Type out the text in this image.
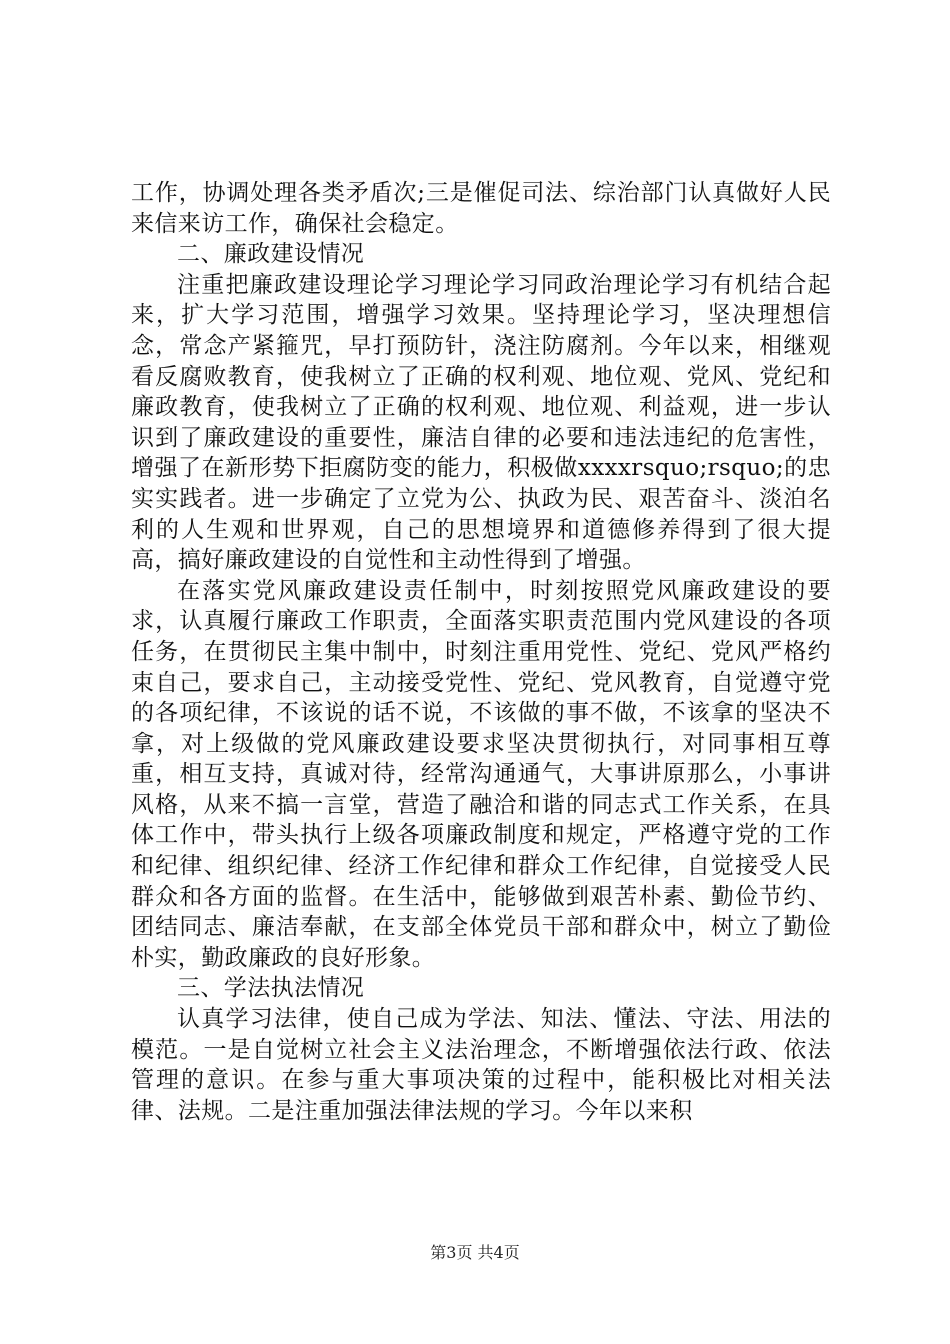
工作，协调处理各类矛盾次;三是催促司法、综治部门认真做好人民来信来访工作，确保社会稳定。

二、廉政建设情况

注重把廉政建设理论学习理论学习同政治理论学习有机结合起来，扩大学习范围，增强学习效果。坚持理论学习，坚决理想信念，常念产紧箍咒，早打预防针，浇注防腐剂。今年以来，相继观看反腐败教育，使我树立了正确的权利观、地位观、党风、党纪和廉政教育，使我树立了正确的权利观、地位观、利益观，进一步认识到了廉政建设的重要性，廉洁自律的必要和违法违纪的危害性，增强了在新形势下拒腐防变的能力，积极做xxxxrsquo;rsquo;的忠实实践者。进一步确定了立党为公、执政为民、艰苦奋斗、淡泊名利的人生观和世界观，自己的思想境界和道德修养得到了很大提高，搞好廉政建设的自觉性和主动性得到了增强。

在落实党风廉政建设责任制中，时刻按照党风廉政建设的要求，认真履行廉政工作职责，全面落实职责范围内党风建设的各项任务，在贯彻民主集中制中，时刻注重用党性、党纪、党风严格约束自己，要求自己，主动接受党性、党纪、党风教育，自觉遵守党的各项纪律，不该说的话不说，不该做的事不做，不该拿的坚决不拿，对上级做的党风廉政建设要求坚决贯彻执行，对同事相互尊重，相互支持，真诚对待，经常沟通通气，大事讲原那么，小事讲风格，从来不搞一言堂，营造了融洽和谐的同志式工作关系，在具体工作中，带头执行上级各项廉政制度和规定，严格遵守党的工作和纪律、组织纪律、经济工作纪律和群众工作纪律，自觉接受人民群众和各方面的监督。在生活中，能够做到艰苦朴素、勤俭节约、团结同志、廉洁奉献，在支部全体党员干部和群众中，树立了勤俭朴实，勤政廉政的良好形象。

三、学法执法情况

认真学习法律，使自己成为学法、知法、懂法、守法、用法的模范。一是自觉树立社会主义法治理念，不断增强依法行政、依法管理的意识。在参与重大事项决策的过程中，能积极比对相关法律、法规。二是注重加强法律法规的学习。今年以来积

第3页 共4页
